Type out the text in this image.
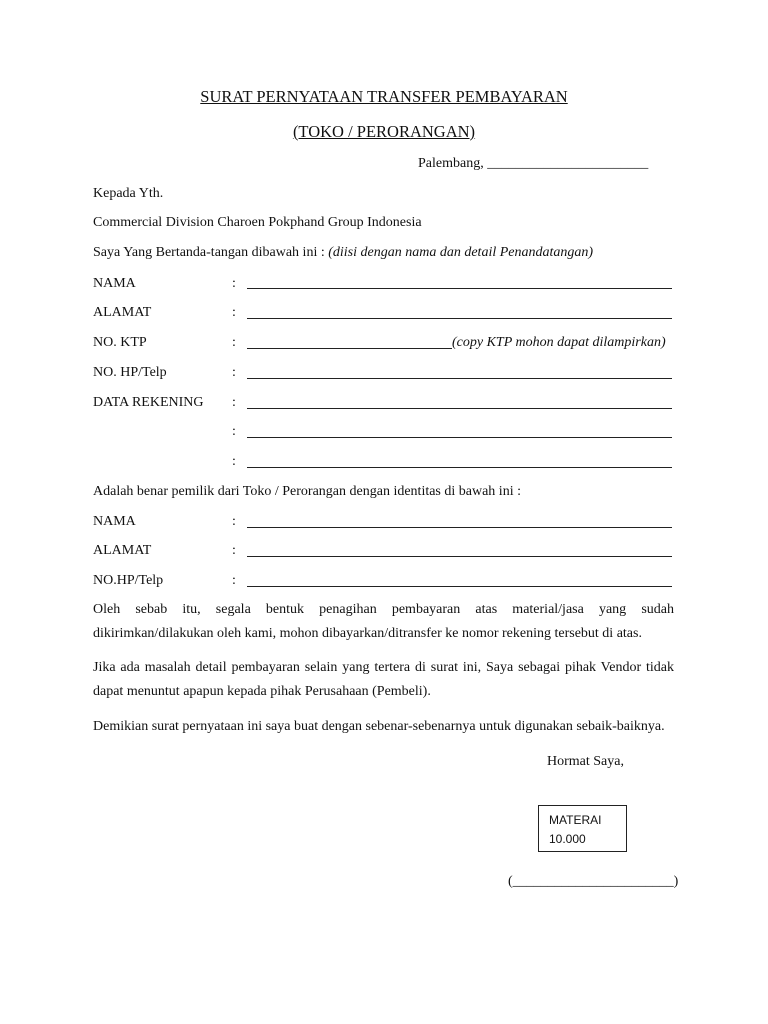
SURAT PERNYATAAN TRANSFER PEMBAYARAN
(TOKO / PERORANGAN)
Palembang, _______________________
Kepada Yth.
Commercial Division Charoen Pokphand Group Indonesia
Saya Yang Bertanda-tangan dibawah ini : (diisi dengan nama dan detail Penandatangan)
NAMA	:
ALAMAT	:
NO. KTP	:	(copy KTP mohon dapat dilampirkan)
NO. HP/Telp	:
DATA REKENING :
:
:
Adalah benar pemilik dari Toko / Perorangan dengan identitas di bawah ini :
NAMA	:
ALAMAT	:
NO.HP/Telp	:
Oleh sebab itu, segala bentuk penagihan pembayaran atas material/jasa yang sudah dikirimkan/dilakukan oleh kami, mohon dibayarkan/ditransfer ke nomor rekening tersebut di atas.
Jika ada masalah detail pembayaran selain yang tertera di surat ini, Saya sebagai pihak Vendor tidak dapat menuntut apapun kepada pihak Perusahaan (Pembeli).
Demikian surat pernyataan ini saya buat dengan sebenar-sebenarnya untuk digunakan sebaik-baiknya.
Hormat Saya,
MATERAI
10.000
(_______________________)
